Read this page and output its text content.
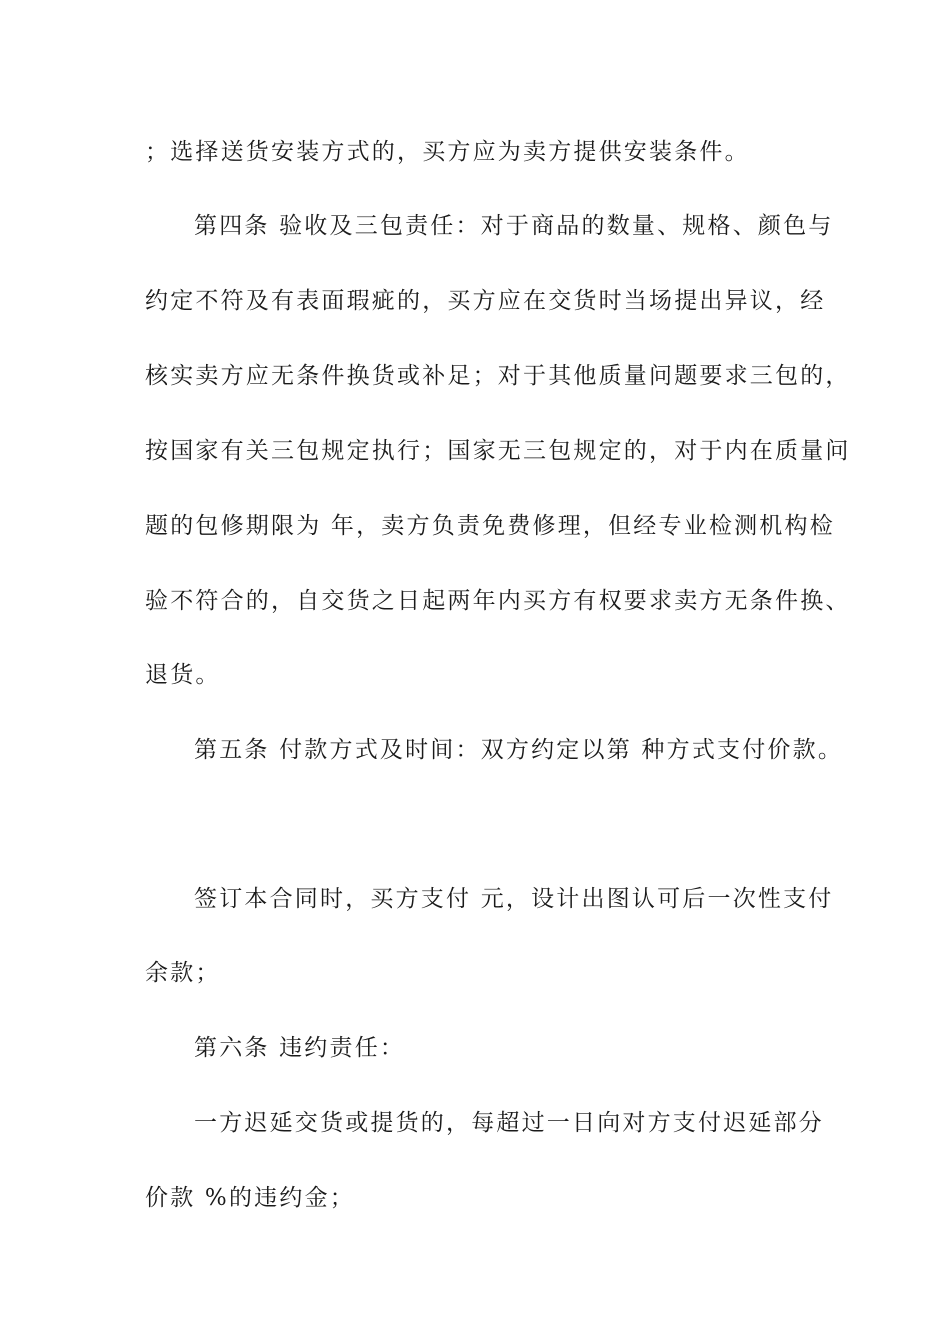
；选择送货安装方式的，买方应为卖方提供安装条件。
第四条 验收及三包责任：对于商品的数量、规格、颜色与
约定不符及有表面瑕疵的，买方应在交货时当场提出异议，经
核实卖方应无条件换货或补足；对于其他质量问题要求三包的，
按国家有关三包规定执行；国家无三包规定的，对于内在质量问
题的包修期限为 年，卖方负责免费修理，但经专业检测机构检
验不符合的，自交货之日起两年内买方有权要求卖方无条件换、
退货。
第五条 付款方式及时间：双方约定以第 种方式支付价款。
签订本合同时，买方支付 元，设计出图认可后一次性支付
余款；
第六条 违约责任：
一方迟延交货或提货的，每超过一日向对方支付迟延部分
价款 %的违约金；
